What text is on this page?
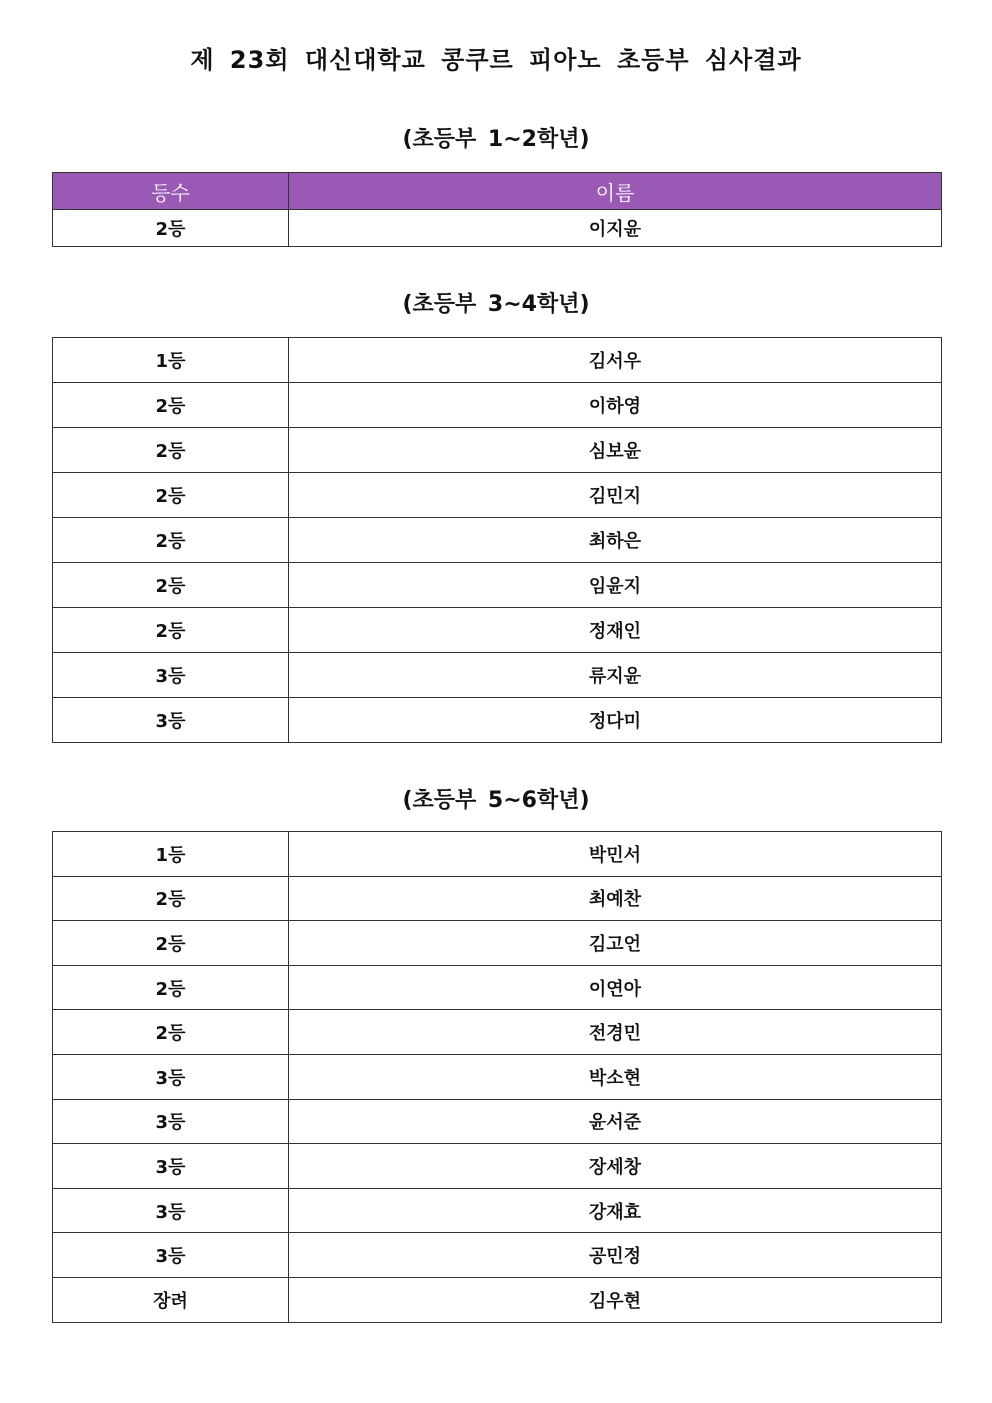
제 23회 대신대학교 콩쿠르 피아노 초등부 심사결과
(초등부 1~2학년)
등수	이름
2등	이지윤
(초등부 3~4학년)
1등	김서우
2등	이하영
2등	심보윤
2등	김민지
2등	최하은
2등	임윤지
2등	정재인
3등	류지윤
3등	정다미
(초등부 5~6학년)
1등	박민서
2등	최예찬
2등	김고언
2등	이연아
2등	전경민
3등	박소현
3등	윤서준
3등	장세창
3등	강재효
3등	공민정
장려	김우현
